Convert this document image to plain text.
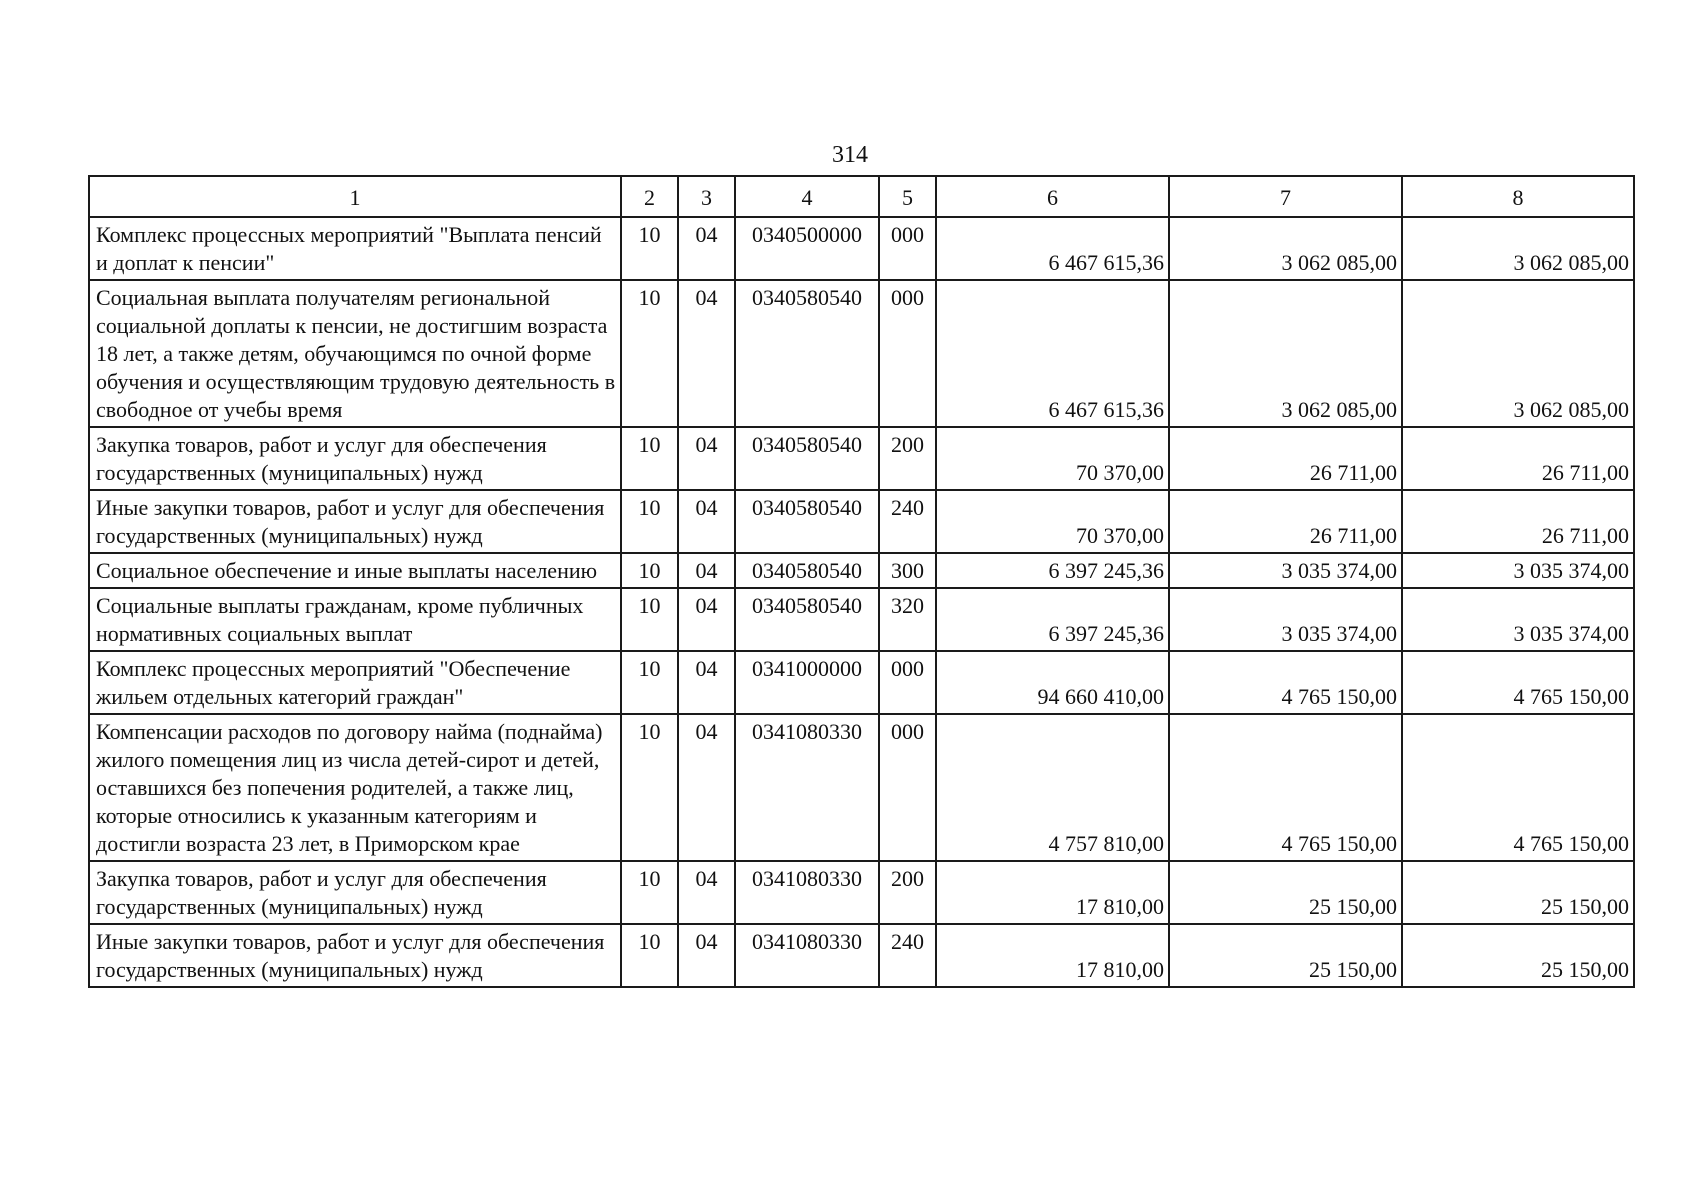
314
1	2	3	4	5	6	7	8
Комплекс процессных мероприятий "Выплата пенсий и доплат к пенсии"	10	04	0340500000	000	6 467 615,36	3 062 085,00	3 062 085,00
Социальная выплата получателям региональной социальной доплаты к пенсии, не достигшим возраста 18 лет, а также детям, обучающимся по очной форме обучения и осуществляющим трудовую деятельность в свободное от учебы время	10	04	0340580540	000	6 467 615,36	3 062 085,00	3 062 085,00
Закупка товаров, работ и услуг для обеспечения государственных (муниципальных) нужд	10	04	0340580540	200	70 370,00	26 711,00	26 711,00
Иные закупки товаров, работ и услуг для обеспечения государственных (муниципальных) нужд	10	04	0340580540	240	70 370,00	26 711,00	26 711,00
Социальное обеспечение и иные выплаты населению	10	04	0340580540	300	6 397 245,36	3 035 374,00	3 035 374,00
Социальные выплаты гражданам, кроме публичных нормативных социальных выплат	10	04	0340580540	320	6 397 245,36	3 035 374,00	3 035 374,00
Комплекс процессных мероприятий "Обеспечение жильем отдельных категорий граждан"	10	04	0341000000	000	94 660 410,00	4 765 150,00	4 765 150,00
Компенсации расходов по договору найма (поднайма) жилого помещения лиц из числа детей-сирот и детей, оставшихся без попечения родителей, а также лиц, которые относились к указанным категориям и достигли возраста 23 лет, в Приморском крае	10	04	0341080330	000	4 757 810,00	4 765 150,00	4 765 150,00
Закупка товаров, работ и услуг для обеспечения государственных (муниципальных) нужд	10	04	0341080330	200	17 810,00	25 150,00	25 150,00
Иные закупки товаров, работ и услуг для обеспечения государственных (муниципальных) нужд	10	04	0341080330	240	17 810,00	25 150,00	25 150,00
